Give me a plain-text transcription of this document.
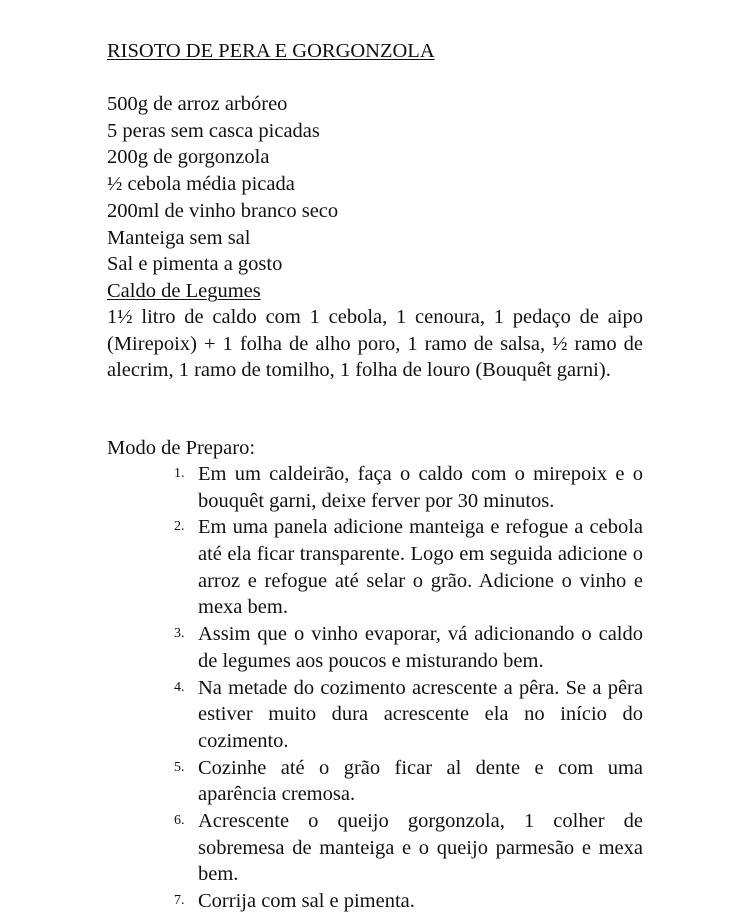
RISOTO DE PERA E GORGONZOLA
500g de arroz arbóreo
5 peras sem casca picadas
200g de gorgonzola
½ cebola média picada
200ml de vinho branco seco
Manteiga sem sal
Sal e pimenta a gosto
Caldo de Legumes

1½ litro de caldo com 1 cebola, 1 cenoura, 1 pedaço de aipo (Mirepoix) + 1 folha de alho poro, 1 ramo de salsa, ½ ramo de alecrim, 1 ramo de tomilho, 1 folha de louro (Bouquêt garni).

Modo de Preparo:
1. Em um caldeirão, faça o caldo com o mirepoix e o bouquêt garni, deixe ferver por 30 minutos.
2. Em uma panela adicione manteiga e refogue a cebola até ela ficar transparente. Logo em seguida adicione o arroz e refogue até selar o grão. Adicione o vinho e mexa bem.
3. Assim que o vinho evaporar, vá adicionando o caldo de legumes aos poucos e misturando bem.
4. Na metade do cozimento acrescente a pêra. Se a pêra estiver muito dura acrescente ela no início do cozimento.
5. Cozinhe até o grão ficar al dente e com uma aparência cremosa.
6. Acrescente o queijo gorgonzola, 1 colher de sobremesa de manteiga e o queijo parmesão e mexa bem.
7. Corrija com sal e pimenta.
